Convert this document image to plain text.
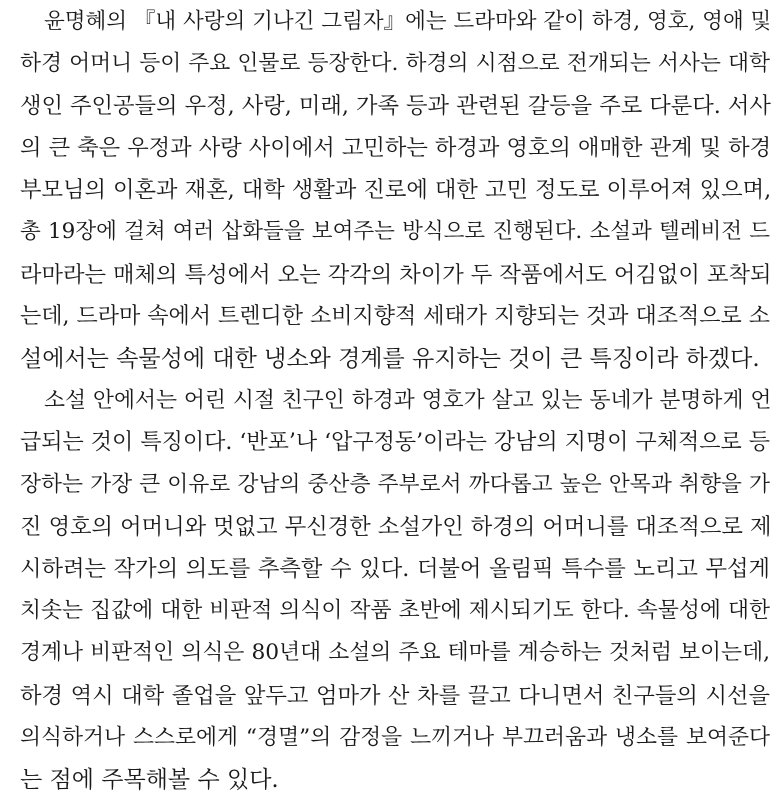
윤명혜의 『내 사랑의 기나긴 그림자』에는 드라마와 같이 하경, 영호, 영애 및
하경 어머니 등이 주요 인물로 등장한다. 하경의 시점으로 전개되는 서사는 대학
생인 주인공들의 우정, 사랑, 미래, 가족 등과 관련된 갈등을 주로 다룬다. 서사
의 큰 축은 우정과 사랑 사이에서 고민하는 하경과 영호의 애매한 관계 및 하경
부모님의 이혼과 재혼, 대학 생활과 진로에 대한 고민 정도로 이루어져 있으며,
총 19장에 걸쳐 여러 삽화들을 보여주는 방식으로 진행된다. 소설과 텔레비전 드
라마라는 매체의 특성에서 오는 각각의 차이가 두 작품에서도 어김없이 포착되
는데, 드라마 속에서 트렌디한 소비지향적 세태가 지향되는 것과 대조적으로 소
설에서는 속물성에 대한 냉소와 경계를 유지하는 것이 큰 특징이라 하겠다.

소설 안에서는 어린 시절 친구인 하경과 영호가 살고 있는 동네가 분명하게 언
급되는 것이 특징이다. ‘반포’나 ‘압구정동’이라는 강남의 지명이 구체적으로 등
장하는 가장 큰 이유로 강남의 중산층 주부로서 까다롭고 높은 안목과 취향을 가
진 영호의 어머니와 멋없고 무신경한 소설가인 하경의 어머니를 대조적으로 제
시하려는 작가의 의도를 추측할 수 있다. 더불어 올림픽 특수를 노리고 무섭게
치솟는 집값에 대한 비판적 의식이 작품 초반에 제시되기도 한다. 속물성에 대한
경계나 비판적인 의식은 80년대 소설의 주요 테마를 계승하는 것처럼 보이는데,
하경 역시 대학 졸업을 앞두고 엄마가 산 차를 끌고 다니면서 친구들의 시선을
의식하거나 스스로에게 “경멸”의 감정을 느끼거나 부끄러움과 냉소를 보여준다
는 점에 주목해볼 수 있다.
